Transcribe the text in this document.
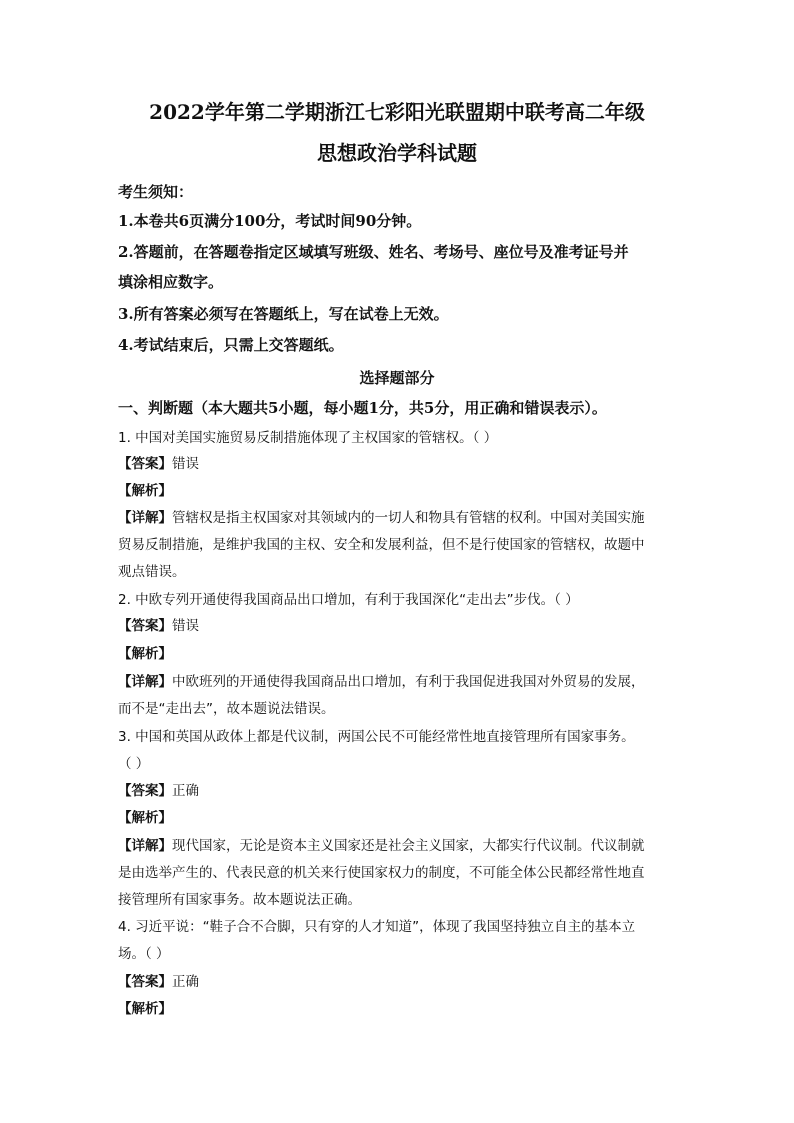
2022学年第二学期浙江七彩阳光联盟期中联考高二年级
思想政治学科试题
考生须知：
1.本卷共6页满分100分，考试时间90分钟。
2.答题前，在答题卷指定区域填写班级、姓名、考场号、座位号及准考证号并
填涂相应数字。
3.所有答案必须写在答题纸上，写在试卷上无效。
4.考试结束后，只需上交答题纸。
选择题部分
一、判断题（本大题共5小题，每小题1分，共5分，用正确和错误表示）。
1. 中国对美国实施贸易反制措施体现了主权国家的管辖权。（ ）
【答案】错误
【解析】
【详解】管辖权是指主权国家对其领域内的一切人和物具有管辖的权利。中国对美国实施
贸易反制措施，是维护我国的主权、安全和发展利益，但不是行使国家的管辖权，故题中
观点错误。
2. 中欧专列开通使得我国商品出口增加，有利于我国深化“走出去”步伐。（ ）
【答案】错误
【解析】
【详解】中欧班列的开通使得我国商品出口增加，有利于我国促进我国对外贸易的发展，
而不是“走出去”，故本题说法错误。
3. 中国和英国从政体上都是代议制，两国公民不可能经常性地直接管理所有国家事务。
（ ）
【答案】正确
【解析】
【详解】现代国家，无论是资本主义国家还是社会主义国家，大都实行代议制。代议制就
是由选举产生的、代表民意的机关来行使国家权力的制度，不可能全体公民都经常性地直
接管理所有国家事务。故本题说法正确。
4. 习近平说：“鞋子合不合脚，只有穿的人才知道”，体现了我国坚持独立自主的基本立
场。（ ）
【答案】正确
【解析】
